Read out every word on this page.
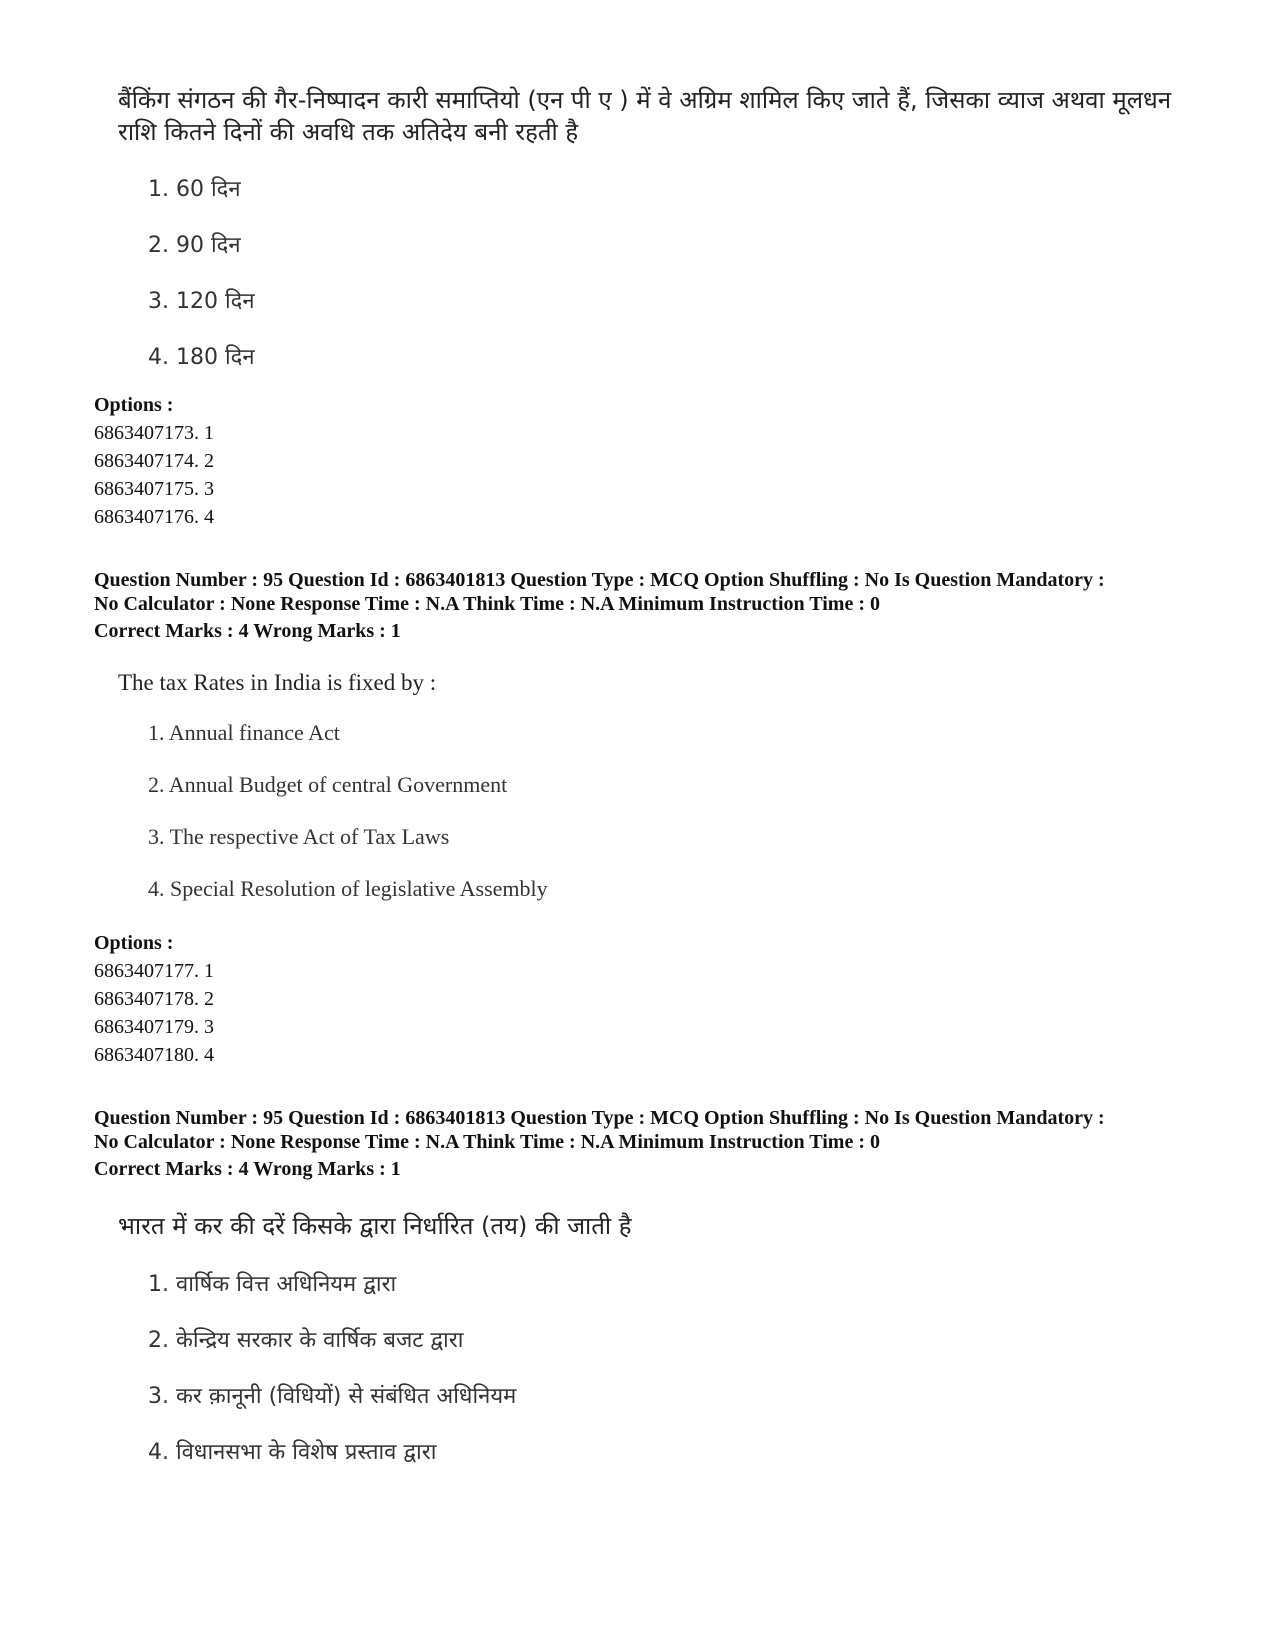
बैंकिंग संगठन की गैर-निष्पादन कारी समाप्तियो (एन पी ए ) में वे अग्रिम शामिल किए जाते हैं, जिसका व्याज अथवा मूलधन राशि कितने दिनों की अवधि तक अतिदेय बनी रहती है
1. 60 दिन
2. 90 दिन
3. 120 दिन
4. 180 दिन
Options :
6863407173. 1
6863407174. 2
6863407175. 3
6863407176. 4
Question Number : 95 Question Id : 6863401813 Question Type : MCQ Option Shuffling : No Is Question Mandatory :
No Calculator : None Response Time : N.A Think Time : N.A Minimum Instruction Time : 0
Correct Marks : 4 Wrong Marks : 1
The tax Rates in India is fixed by :
1. Annual finance Act
2. Annual Budget of central Government
3. The respective Act of Tax Laws
4. Special Resolution of legislative Assembly
Options :
6863407177. 1
6863407178. 2
6863407179. 3
6863407180. 4
Question Number : 95 Question Id : 6863401813 Question Type : MCQ Option Shuffling : No Is Question Mandatory :
No Calculator : None Response Time : N.A Think Time : N.A Minimum Instruction Time : 0
Correct Marks : 4 Wrong Marks : 1
भारत में कर की दरें किसके द्वारा निर्धारित (तय) की जाती है
1. वार्षिक वित्त अधिनियम द्वारा
2. केन्द्रिय सरकार के वार्षिक बजट द्वारा
3. कर क़ानूनी (विधियों) से संबंधित अधिनियम
4. विधानसभा के विशेष प्रस्ताव द्वारा
